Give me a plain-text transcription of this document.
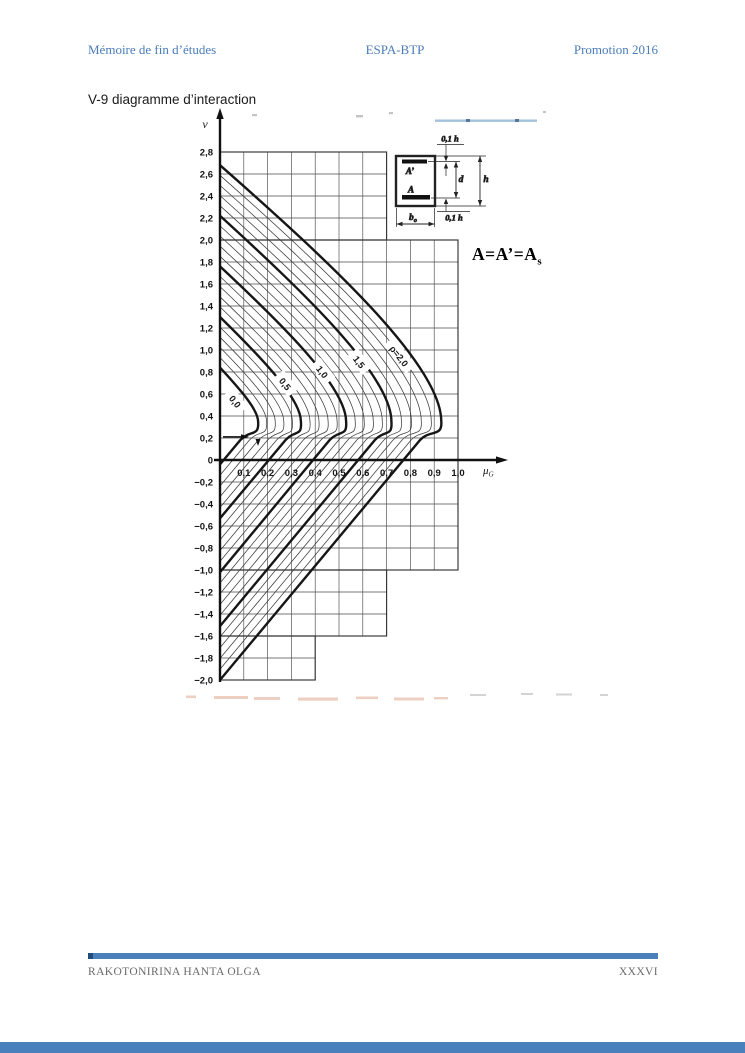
Mémoire de fin d’études	ESPA-BTP	Promotion 2016
V-9 diagramme d’interaction
0,1 0,2 0,3 0,4 0,5 0,6 0,7 0,8 0,9 1,0
2,8
2,6
2,4
2,2
2,0
1,8
1,6
1,4
1,2
1,0
0,8
0,6
0,4
0,2
0
−0,2
−0,4
−0,6
−0,8
−1,0
−1,2
−1,4
−1,6
−1,8
−2,0
ν
$\mu_G$
0,0
0,5
1,0
1,5 ρ=2,0
A’
A
0,1 h
0,1 h
d h
$b_o$
$A=A’=A_s$
RAKOTONIRINA HANTA OLGA	XXXVI
